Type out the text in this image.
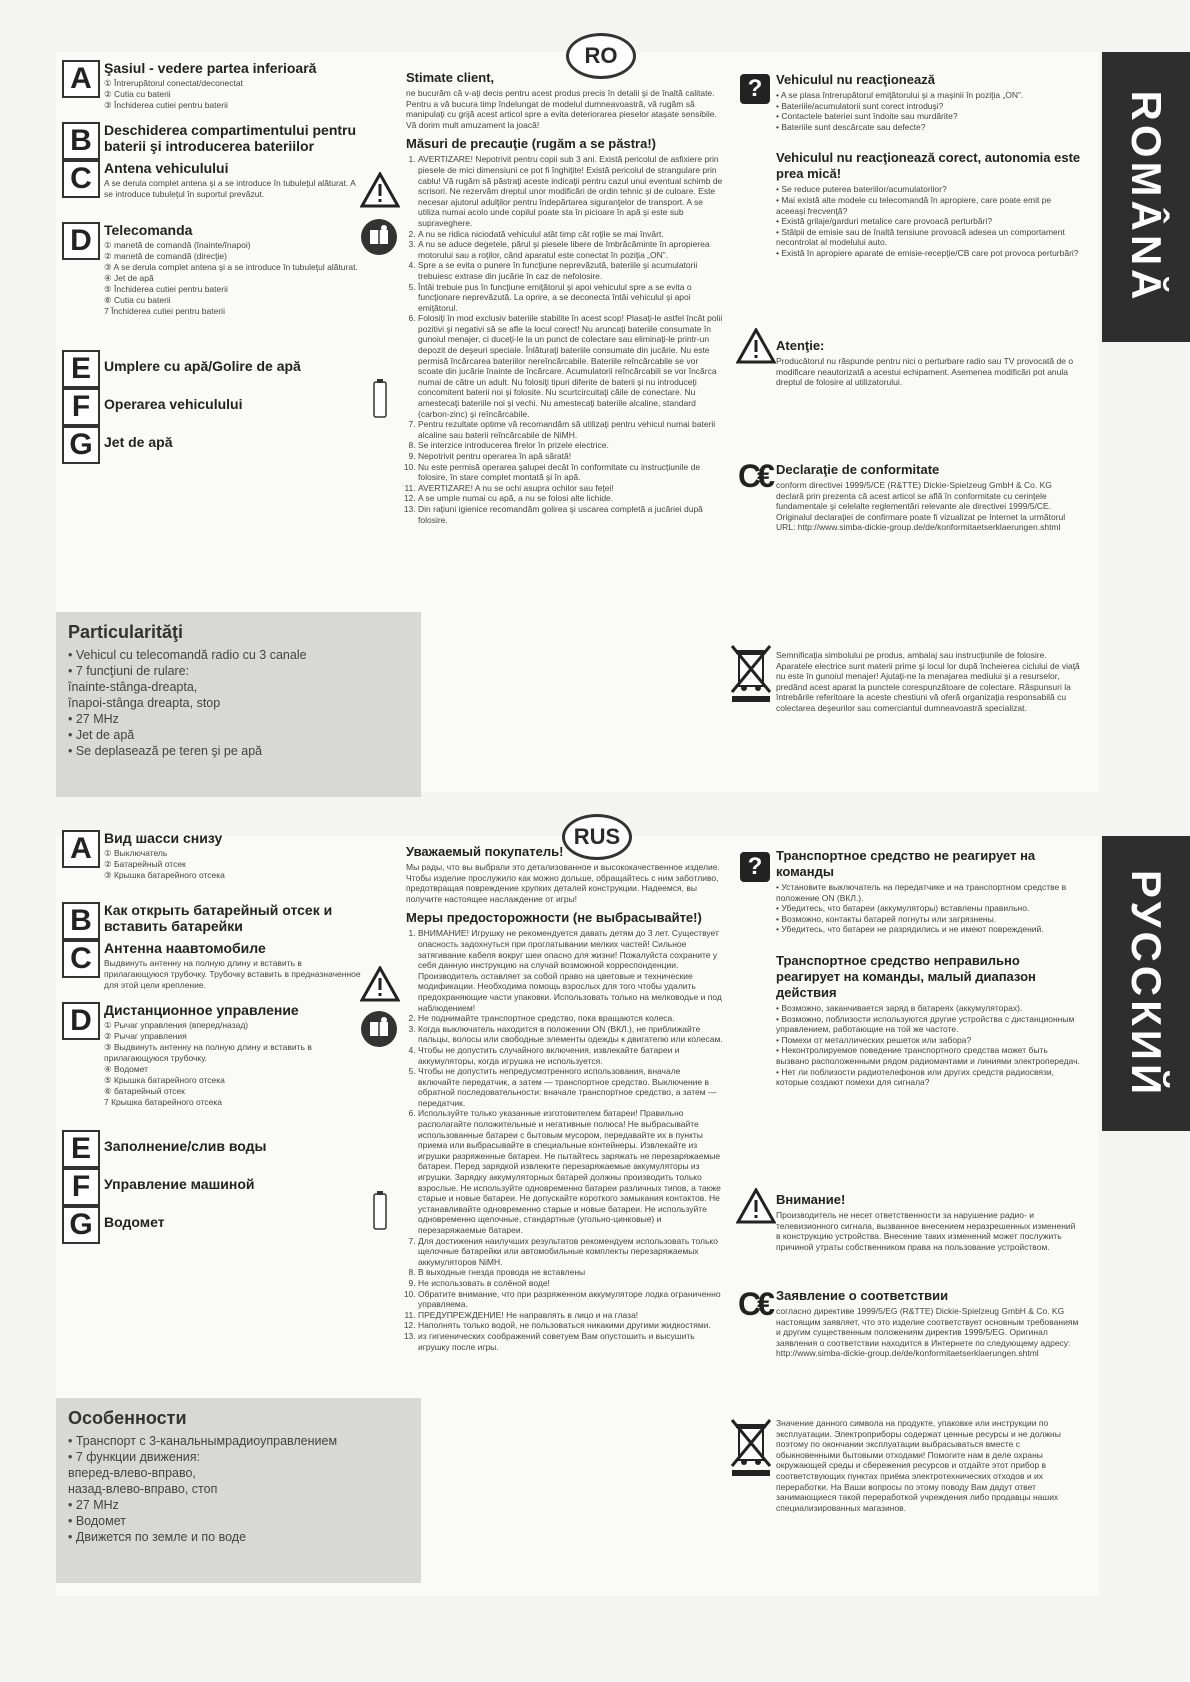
ROMÂNĂ
RO
A Şasiul - vedere partea inferioară
① Întrerupătorul conectat/deconectat
② Cutia cu baterii
③ Închiderea cutiei pentru baterii
B Deschiderea compartimentului pentru baterii şi introducerea bateriilor
C Antena vehiculului
A se derula complet antena şi a se introduce în tubuleţul alăturat. A se introduce tubuleţul în suportul prevăzut.
D Telecomanda
① manetă de comandă (înainte/înapoi)
② manetă de comandă (direcţie)
③ A se derula complet antena şi a se introduce în tubuleţul alăturat.
④ Jet de apă
⑤ Închiderea cutiei pentru baterii
⑥ Cutia cu baterii
7 Închiderea cutiei pentru baterii
E Umplere cu apă/Golire de apă
F Operarea vehiculului
G Jet de apă
Particularităţi
• Vehicul cu telecomandă radio cu 3 canale
• 7 funcţiuni de rulare:
înainte-stânga-dreapta,
înapoi-stânga dreapta, stop
• 27 MHz
• Jet de apă
• Se deplasează pe teren şi pe apă
Stimate client,

ne bucurăm că v-aţi decis pentru acest produs precis în detalii şi de înaltă calitate. Pentru a vă bucura timp îndelungat de modelul dumneavoastră, vă rugăm să manipulaţi cu grijă acest articol spre a evita deteriorarea pieselor ataşate sensibile. Vă dorim mult amuzament la joacă!

Măsuri de precauţie (rugăm a se păstra!)
1. AVERTIZARE! Nepotrivit pentru copii sub 3 ani. Există pericolul de asfixiere prin piesele de mici dimensiuni ce pot fi înghiţite! Există pericolul de strangulare prin cablu! Vă rugăm să păstraţi aceste indicaţii pentru cazul unui eventual schimb de scrisori. Ne rezervăm dreptul unor modificări de ordin tehnic şi de culoare. Este necesar ajutorul adulţilor pentru îndepărtarea siguranţelor de transport. A se utiliza numai acolo unde copilul poate sta în picioare în apă şi este sub supraveghere.
2. A nu se ridica niciodată vehiculul atât timp cât roţile se mai învârt.
3. A nu se aduce degetele, părul şi piesele libere de îmbrăcăminte în apropierea motorului sau a roţilor, când aparatul este conectat în poziţia „ON”.
4. Spre a se evita o punere în funcţiune neprevăzută, bateriile şi acumulatorii trebuiesc extrase din jucărie în caz de nefolosire.
5. Întâi trebuie pus în funcţiune emiţătorul şi apoi vehiculul spre a se evita o funcţionare neprevăzută. La oprire, a se deconecta întâi vehiculul şi apoi emiţătorul.
6. Folosiţi în mod exclusiv bateriile stabilite în acest scop! Plasaţi-le astfel încât polii pozitivi şi negativi să se afle la locul corect! Nu aruncaţi bateriile consumate în gunoiul menajer, ci duceţi-le la un punct de colectare sau eliminaţi-le printr-un depozit de deşeuri speciale. Înlăturaţi bateriile consumate din jucărie. Nu este permisă încărcarea bateriilor nereîncărcabile. Bateriile reîncărcabile se vor scoate din jucărie înainte de încărcare. Acumulatorii reîncărcabili se vor încărca numai de către un adult. Nu folosiţi tipuri diferite de baterii şi nu introduceţi concomitent baterii noi şi folosite. Nu scurtcircuitaţi căile de conectare. Nu amestecaţi bateriile noi şi vechi. Nu amestecaţi bateriile alcaline, standard (carbon-zinc) şi reîncărcabile.
7. Pentru rezultate optime vă recomandăm să utilizaţi pentru vehicul numai baterii alcaline sau baterii reîncărcabile de NiMH.
8. Se interzice introducerea firelor în prizele electrice.
9. Nepotrivit pentru operarea în apă sărată!
10. Nu este permisă operarea şalupei decât în conformitate cu instrucţiunile de folosire, în stare complet montată şi în apă.
11. AVERTIZARE! A nu se ochi asupra ochilor sau feţei!
12. A se umple numai cu apă, a nu se folosi alte lichide.
13. Din raţiuni igienice recomandăm golirea şi uscarea completă a jucăriei după folosire.
?	Vehiculul nu reacţionează
• A se plasa întrerupătorul emiţătorului şi a maşinii în poziţia „ON”.
• Bateriile/acumulatorii sunt corect introduşi?
• Contactele bateriei sunt îndoite sau murdărite?
• Bateriile sunt descărcate sau defecte?
Vehiculul nu reacţionează corect, autonomia este prea mică!
• Se reduce puterea bateriilor/acumulatorilor?
• Mai există alte modele cu telecomandă în apropiere, care poate emit pe aceeaşi frecvenţă?
• Există grilaje/garduri metalice care provoacă perturbări?
• Stâlpii de emisie sau de înaltă tensiune provoacă adesea un comportament necontrolat al modelului auto.
• Există în apropiere aparate de emisie-recepţie/CB care pot provoca perturbări?
Atenţie:

Producătorul nu răspunde pentru nici o perturbare radio sau TV provocată de o modificare neautorizată a acestui echipament. Asemenea modificări pot anula dreptul de folosire al utilizatorului.

C€ Declaraţie de conformitate

conform directivei 1999/5/CE (R&TTE) Dickie-Spielzeug GmbH & Co. KG declară prin prezenta că acest articol se află în conformitate cu cerinţele fundamentale şi celelalte reglementări relevante ale directivei 1999/5/CE. Originalul declaraţiei de confirmare poate fi vizualizat pe Internet la următorul URL: http://www.simba-dickie-group.de/de/konformitaetserklaerungen.shtml

Semnificaţia simbolului pe produs, ambalaj sau instrucţiunile de folosire. Aparatele electrice sunt materii prime şi locul lor după încheierea ciclului de viaţă nu este în gunoiul menajer! Ajutaţi-ne la menajarea mediului şi a resurselor, predând acest aparat la punctele corespunzătoare de colectare. Răspunsuri la întrebările referitoare la aceste chestiuni vă oferă organizaţia responsabilă cu colectarea deşeurilor sau comerciantul dumneavoastră specializat.

РУССКИЙ
RUS
A Вид шасси снизу
① Выключатель
② Батарейный отсек
③ Крышка батарейного отсека
B Как открыть батарейный отсек и вставить батарейки
C Антенна наавтомобиле
Выдвинуть антенну на полную длину и вставить в прилагающуюся трубочку. Трубочку вставить в предназначенное для этой цели крепление.
D Дистанционное управление
① Рычаг управления (вперед/назад)
② Рычаг управления
③ Выдвинуть антенну на полную длину и вставить в прилагающуюся трубочку.
④ Водомет
⑤ Крышка батарейного отсека
⑥ батарейный отсек
7 Крышка батарейного отсека
E Заполнение/слив воды
F Управление машиной
G Водомет
Особенности
• Транспорт с 3-канальнымрадиоуправлением
• 7 функции движения:
вперед-влево-вправо,
назад-влево-вправо, стоп
• 27 MHz
• Водомет
• Движется по земле и по воде
Уважаемый покупатель!

Мы рады, что вы выбрали это детализованное и высококачественное изделие. Чтобы изделие прослужило как можно дольше, обращайтесь с ним заботливо, предотвращая повреждение хрупких деталей конструкции. Надеемся, вы получите настоящее наслаждение от игры!

Меры предосторожности (не выбрасывайте!)
1. ВНИМАНИЕ! Игрушку не рекомендуется давать детям до 3 лет. Существует опасность задохнуться при проглатывании мелких частей! Сильное затягивание кабеля вокруг шеи опасно для жизни! Пожалуйста сохраните у себя данную инструкцию на случай возможной корреспонденции. Производитель оставляет за собой право на цветовые и технические модификации. Необходима помощь взрослых для того чтобы удалить предохраняющие части упаковки. Использовать только на мелководье и под наблюдением!
2. Не поднимайте транспортное средство, пока вращаются колеса.
3. Когда выключатель находится в положении ON (ВКЛ.), не приближайте пальцы, волосы или свободные элементы одежды к двигателю или колесам.
4. Чтобы не допустить случайного включения, извлекайте батареи и аккумуляторы, когда игрушка не используется.
5. Чтобы не допустить непредусмотренного использования, вначале включайте передатчик, а затем — транспортное средство. Выключение в обратной последовательности: вначале транспортное средство, а затем — передатчик.
6. Используйте только указанные изготовителем батареи! Правильно располагайте положительные и негативные полюса! Не выбрасывайте использованные батареи с бытовым мусором, передавайте их в пункты приема или выбрасывайте в специальные контейнеры. Извлекайте из игрушки разряженные батареи. Не пытайтесь заряжать не перезаряжаемые батареи. Перед зарядкой извлеките перезаряжаемые аккумуляторы из игрушки. Зарядку аккумуляторных батарей должны производить только взрослые. Не используйте одновременно батареи различных типов, а также старые и новые батареи. Не допускайте короткого замыкания контактов. Не устанавливайте одновременно старые и новые батареи. Не используйте одновременно щелочные, стандартные (угольно-цинковые) и перезаряжаемые батареи.
7. Для достижения наилучших результатов рекомендуем использовать только щелочные батарейки или автомобильные комплекты перезаряжаемых аккумуляторов NiMH.
8. В выходные гнезда провода не вставлены
9. Не использовать в солёной воде!
10. Обратите внимание, что при разряженном аккумуляторе лодка ограниченно управляема.
11. ПРЕДУПРЕЖДЕНИЕ! Не направлять в лицо и на глаза!
12. Наполнять только водой, не пользоваться никакими другими жидкостями.
13. из гигиенических соображений советуем Вам опустошить и высушить игрушку после игры.
?	Транспортное средство не реагирует на команды
• Установите выключатель на передатчике и на транспортном средстве в положение ON (ВКЛ.).
• Убедитесь, что батареи (аккумуляторы) вставлены правильно.
• Возможно, контакты батарей погнуты или загрязнены.
• Убедитесь, что батареи не разрядились и не имеют повреждений.
Транспортное средство неправильно реагирует на команды, малый диапазон действия
• Возможно, заканчивается заряд в батареях (аккумуляторах).
• Возможно, поблизости используются другие устройства с дистанционным управлением, работающие на той же частоте.
• Помехи от металлических решеток или забора?
• Неконтролируемое поведение транспортного средства может быть вызвано расположенными рядом радиомачтами и линиями электропередач.
• Нет ли поблизости радиотелефонов или других средств радиосвязи, которые создают помехи для сигнала?
Внимание!

Производитель не несет ответственности за нарушение радио- и телевизионного сигнала, вызванное внесением неразрешенных изменений в конструкцию устройства. Внесение таких изменений может послужить причиной утраты собственником права на пользование устройством.

C€ Заявление о соответствии

согласно директиве 1999/5/EG (R&TTE) Dickie-Spielzeug GmbH & Co. KG настоящим заявляет, что это изделие соответствует основным требованиям и другим существенным положениям директив 1999/5/EG. Оригинал заявления о соответствии находится в Интернете по следующему адресу: http://www.simba-dickie-group.de/de/konformitaetserklaerungen.shtml

Значение данного символа на продукте, упаковке или инструкции по эксплуатации. Электроприборы содержат ценные ресурсы и не должны поэтому по окончании эксплуатации выбрасываться вместе с обыкновенными бытовыми отходами! Помогите нам в деле охраны окружающей среды и сбережения ресурсов и отдайте этот прибор в соответствующих пунктах приёма электротехнических отходов и их переработки. На Ваши вопросы по этому поводу Вам дадут ответ занимающиеся такой переработкой учреждения либо продавцы наших специализированных магазинов.
